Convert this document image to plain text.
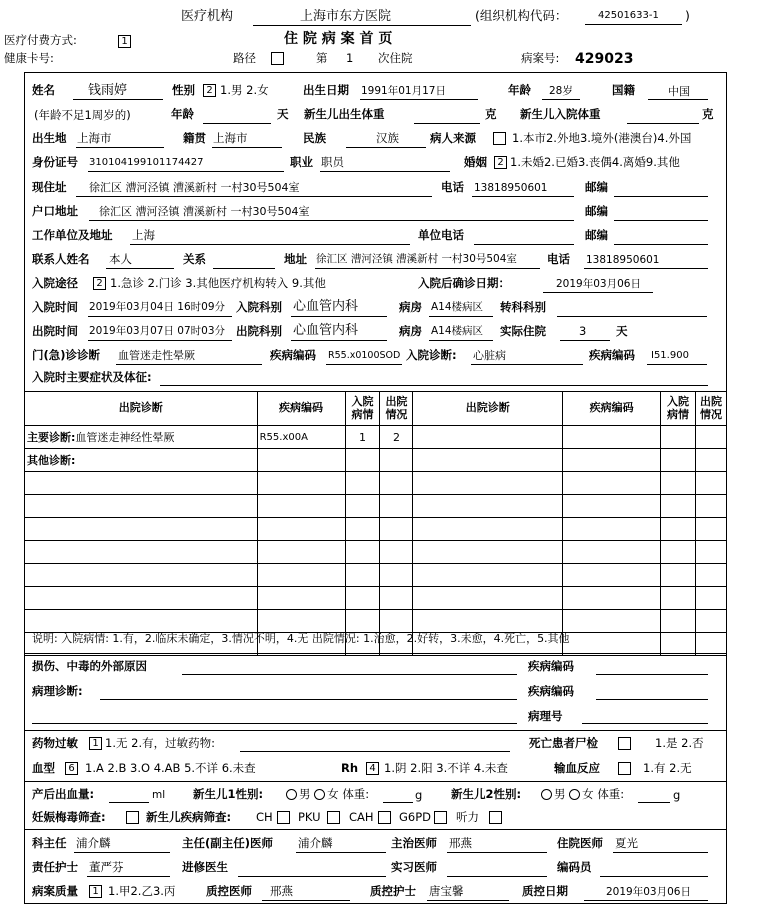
医疗机构	上海市东方医院	(组织机构代码：	42501633-1 )
医疗付费方式:	1	住 院 病 案 首 页
健康卡号:	路径	第 1 次住院	病案号: 429023
姓名	钱雨婷	性别	2 1.男 2.女	出生日期 1991年01月17日	年龄 28岁	国籍	中国
(年龄不足1周岁的)	年龄	天 新生儿出生体重	克 新生儿入院体重	克
出生地 上海市	籍贯 上海市	民族	汉族	病人来源	1.本市2.外地3.境外(港澳台)4.外国
身份证号 310104199101174427	职业 职员	婚姻	2 1.未婚2.已婚3.丧偶4.离婚9.其他
现住址 徐汇区 漕河泾镇 漕溪新村 一村30号504室	电话 13818950601	邮编
户口地址 徐汇区 漕河泾镇 漕溪新村 一村30号504室	邮编
工作单位及地址 上海	单位电话	邮编
联系人姓名 本人	关系	地址 徐汇区 漕河泾镇 漕溪新村 一村30号504室	电话 13818950601
入院途径	2 1.急诊 2.门诊 3.其他医疗机构转入 9.其他	入院后确诊日期：	2019年03月06日
入院时间 2019年03月04日 16时09分 入院科别 心血管内科	病房 A14楼病区 转科科别
出院时间 2019年03月07日 07时03分 出院科别 心血管内科	病房 A14楼病区 实际住院	3	天
门(急)诊诊断 血管迷走性晕厥	疾病编码 R55.x0100SOD 入院诊断: 心脏病	疾病编码 I51.900
入院时主要症状及体征:
出院诊断	疾病编码	入院病情	出院情况	出院诊断	疾病编码	入院病情	出院情况
主要诊断:血管迷走神经性晕厥	R55.x00A	1	2				
其他诊断:							

说明: 入院病情: 1.有，2.临床未确定，3.情况不明，4.无 出院情况: 1.治愈，2.好转，3.未愈，4.死亡，5.其他
损伤、中毒的外部原因	疾病编码
病理诊断:	疾病编码
病理号
药物过敏	1 1.无 2.有，过敏药物:	死亡患者尸检	1.是 2.否
血型	6 1.A 2.B 3.O 4.AB 5.不详 6.未查	Rh	4 1.阴 2.阳 3.不详 4.未查	输血反应	1.有 2.无
产后出血量:	ml 新生儿1性别:	男 女 体重:	g 新生儿2性别:	男 女 体重:	g
妊娠梅毒筛查:	新生儿疾病筛查: CH PKU CAH G6PD 听力
科主任 浦介麟	主任(副主任)医师 浦介麟	主治医师 邢燕	住院医师 夏光
责任护士 董严芬	进修医生	实习医师	编码员
病案质量	1 1.甲2.乙3.丙	质控医师 邢燕	质控护士 唐宝馨	质控日期	2019年03月06日
